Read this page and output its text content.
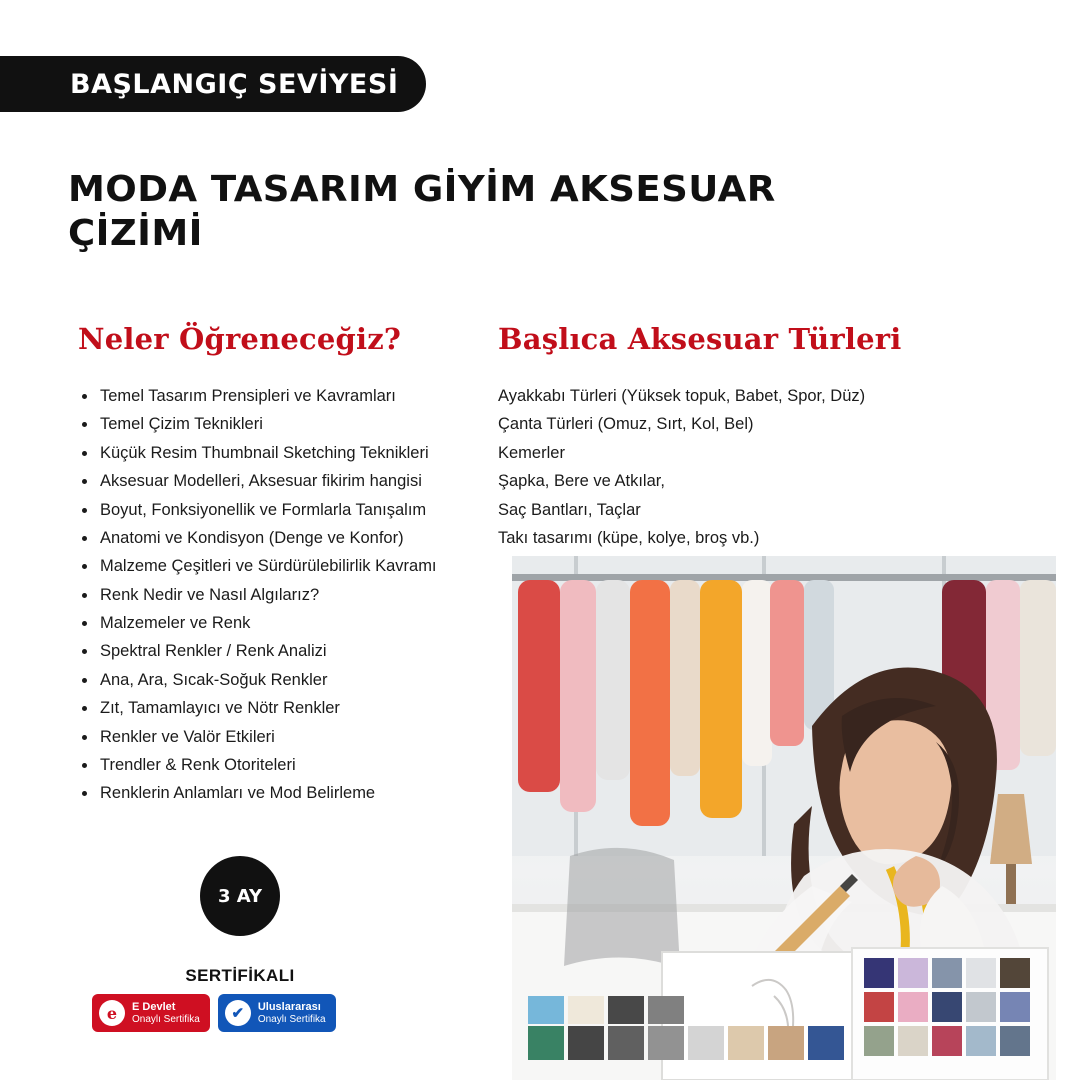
BAŞLANGIÇ SEVİYESİ
MODA TASARIM GİYİM AKSESUAR ÇİZİMİ
Neler Öğreneceğiz?
Temel Tasarım Prensipleri ve Kavramları
Temel Çizim Teknikleri
Küçük Resim Thumbnail Sketching Teknikleri
Aksesuar Modelleri, Aksesuar fikirim hangisi
Boyut, Fonksiyonellik ve Formlarla Tanışalım
Anatomi ve Kondisyon (Denge ve Konfor)
Malzeme Çeşitleri ve Sürdürülebilirlik Kavramı
Renk Nedir ve Nasıl Algılarız?
Malzemeler ve Renk
Spektral Renkler / Renk Analizi
Ana, Ara, Sıcak-Soğuk Renkler
Zıt, Tamamlayıcı ve Nötr Renkler
Renkler ve Valör Etkileri
Trendler & Renk Otoriteleri
Renklerin Anlamları ve Mod Belirleme
Başlıca Aksesuar Türleri

Ayakkabı Türleri (Yüksek topuk, Babet, Spor, Düz)

Çanta Türleri (Omuz, Sırt, Kol, Bel)

Kemerler

Şapka, Bere ve Atkılar,

Saç Bantları, Taçlar

Takı tasarımı (küpe, kolye, broş vb.)

3 AY
SERTİFİKALI
e E Devlet
Onaylı Sertifika ✔ Uluslararası
Onaylı Sertifika
